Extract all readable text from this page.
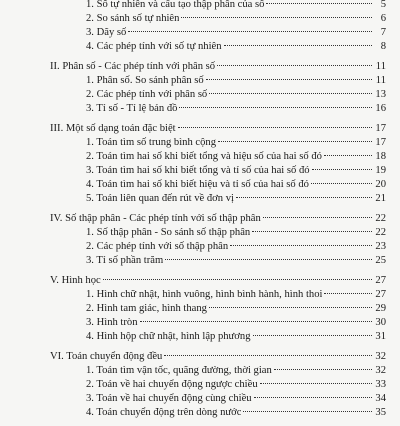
1. Số tự nhiên và cấu tạo thập phân của số	5
2. So sánh số tự nhiên	6
3. Dãy số	7
4. Các phép tính với số tự nhiên	8
II. Phân số - Các phép tính với phân số	11
1. Phân số. So sánh phân số	11
2. Các phép tính với phân số	13
3. Tỉ số - Tỉ lệ bản đồ	16
III. Một số dạng toán đặc biệt	17
1. Toán tìm số trung bình cộng	17
2. Toán tìm hai số khi biết tổng và hiệu số của hai số đó	18
3. Toán tìm hai số khi biết tổng và tỉ số của hai số đó	19
4. Toán tìm hai số khi biết hiệu và tỉ số của hai số đó	20
5. Toán liên quan đến rút về đơn vị	21
IV. Số thập phân - Các phép tính với số thập phân	22
1. Số thập phân - So sánh số thập phân	22
2. Các phép tính với số thập phân	23
3. Tỉ số phần trăm	25
V. Hình học	27
1. Hình chữ nhật, hình vuông, hình bình hành, hình thoi	27
2. Hình tam giác, hình thang	29
3. Hình tròn	30
4. Hình hộp chữ nhật, hình lập phương	31
VI. Toán chuyển động đều	32
1. Toán tìm vận tốc, quãng đường, thời gian	32
2. Toán về hai chuyển động ngược chiều	33
3. Toán về hai chuyển động cùng chiều	34
4. Toán chuyển động trên dòng nước	35
